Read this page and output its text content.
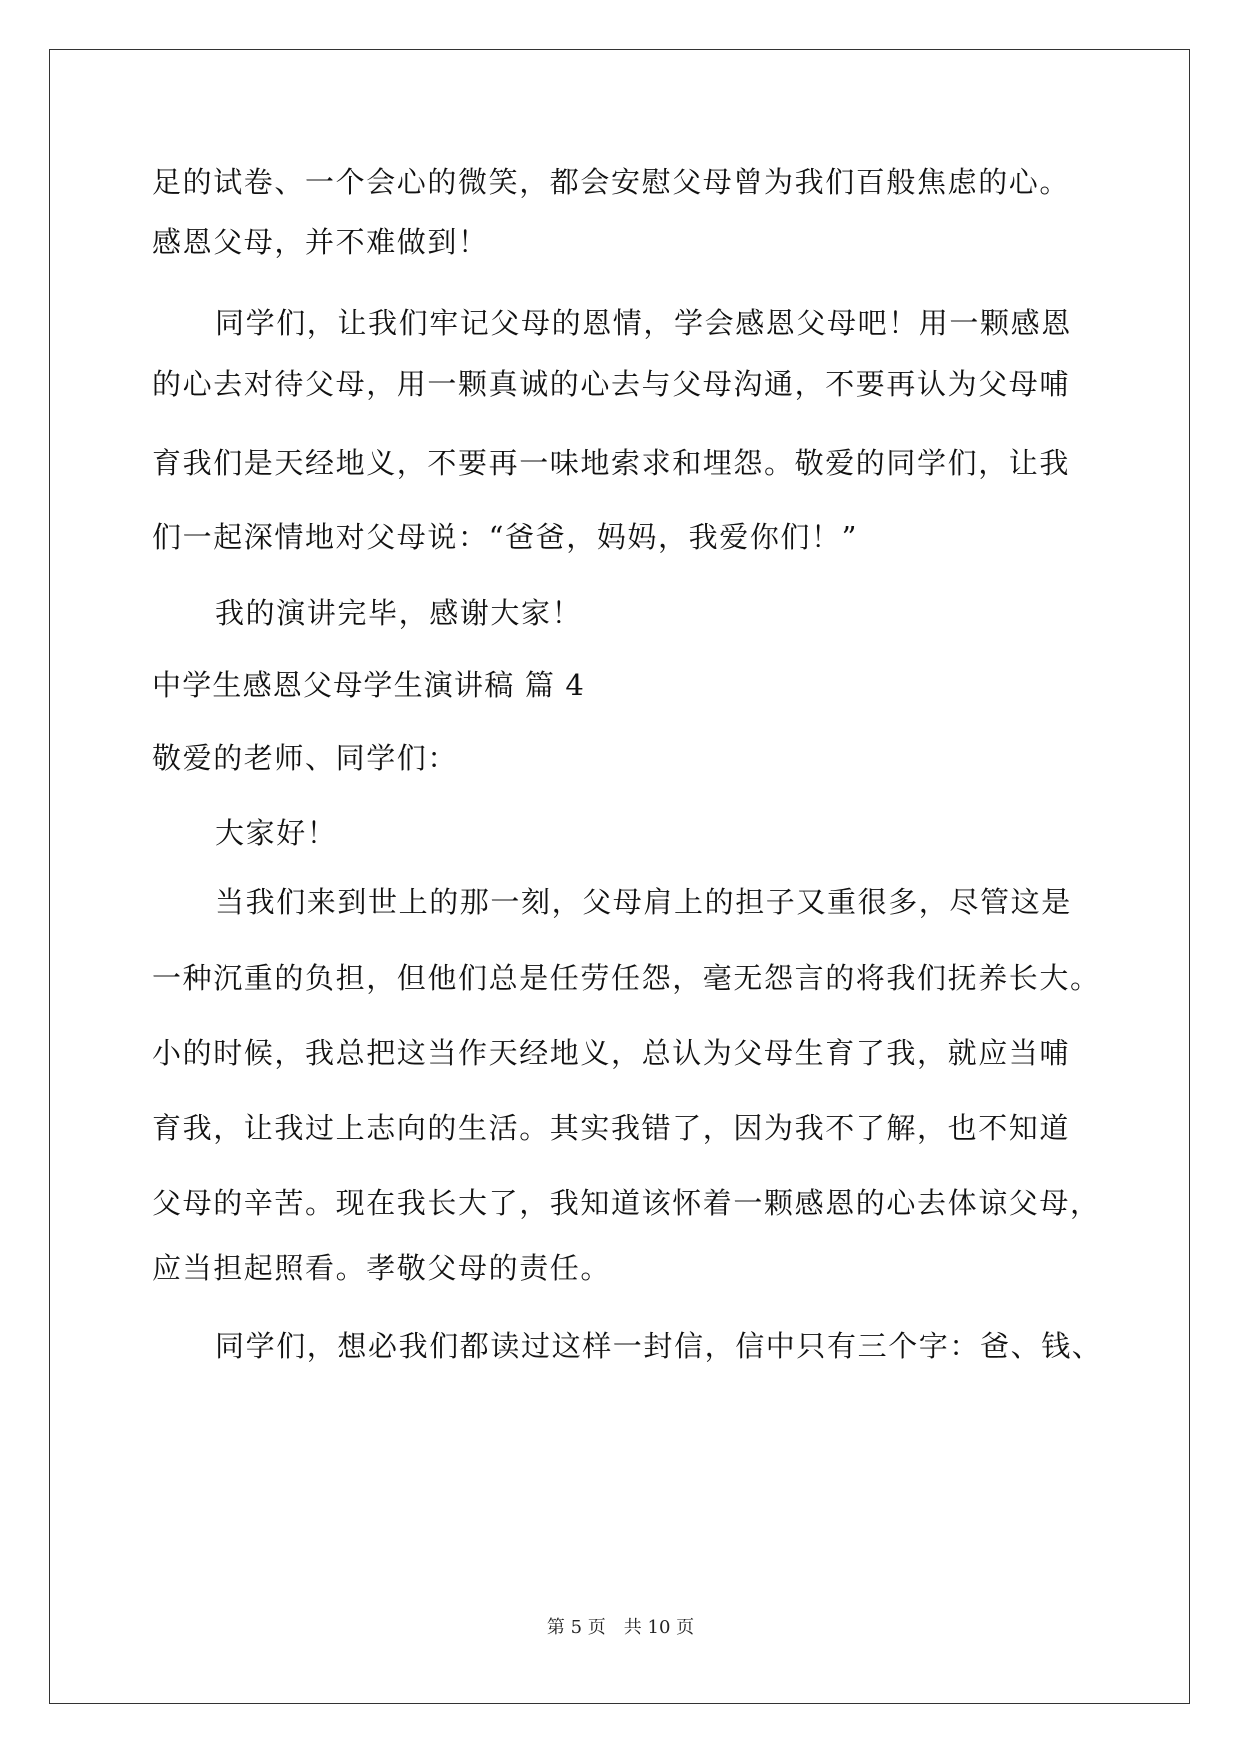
足的试卷、一个会心的微笑，都会安慰父母曾为我们百般焦虑的心。
感恩父母，并不难做到！
同学们，让我们牢记父母的恩情，学会感恩父母吧！用一颗感恩
的心去对待父母，用一颗真诚的心去与父母沟通，不要再认为父母哺
育我们是天经地义，不要再一味地索求和埋怨。敬爱的同学们，让我
们一起深情地对父母说：“爸爸，妈妈，我爱你们！”
我的演讲完毕，感谢大家！
中学生感恩父母学生演讲稿 篇 4
敬爱的老师、同学们：
大家好！
当我们来到世上的那一刻，父母肩上的担子又重很多，尽管这是
一种沉重的负担，但他们总是任劳任怨，毫无怨言的将我们抚养长大。
小的时候，我总把这当作天经地义，总认为父母生育了我，就应当哺
育我，让我过上志向的生活。其实我错了，因为我不了解，也不知道
父母的辛苦。现在我长大了，我知道该怀着一颗感恩的心去体谅父母，
应当担起照看。孝敬父母的责任。
同学们，想必我们都读过这样一封信，信中只有三个字：爸、钱、
第 5 页 共 10 页
